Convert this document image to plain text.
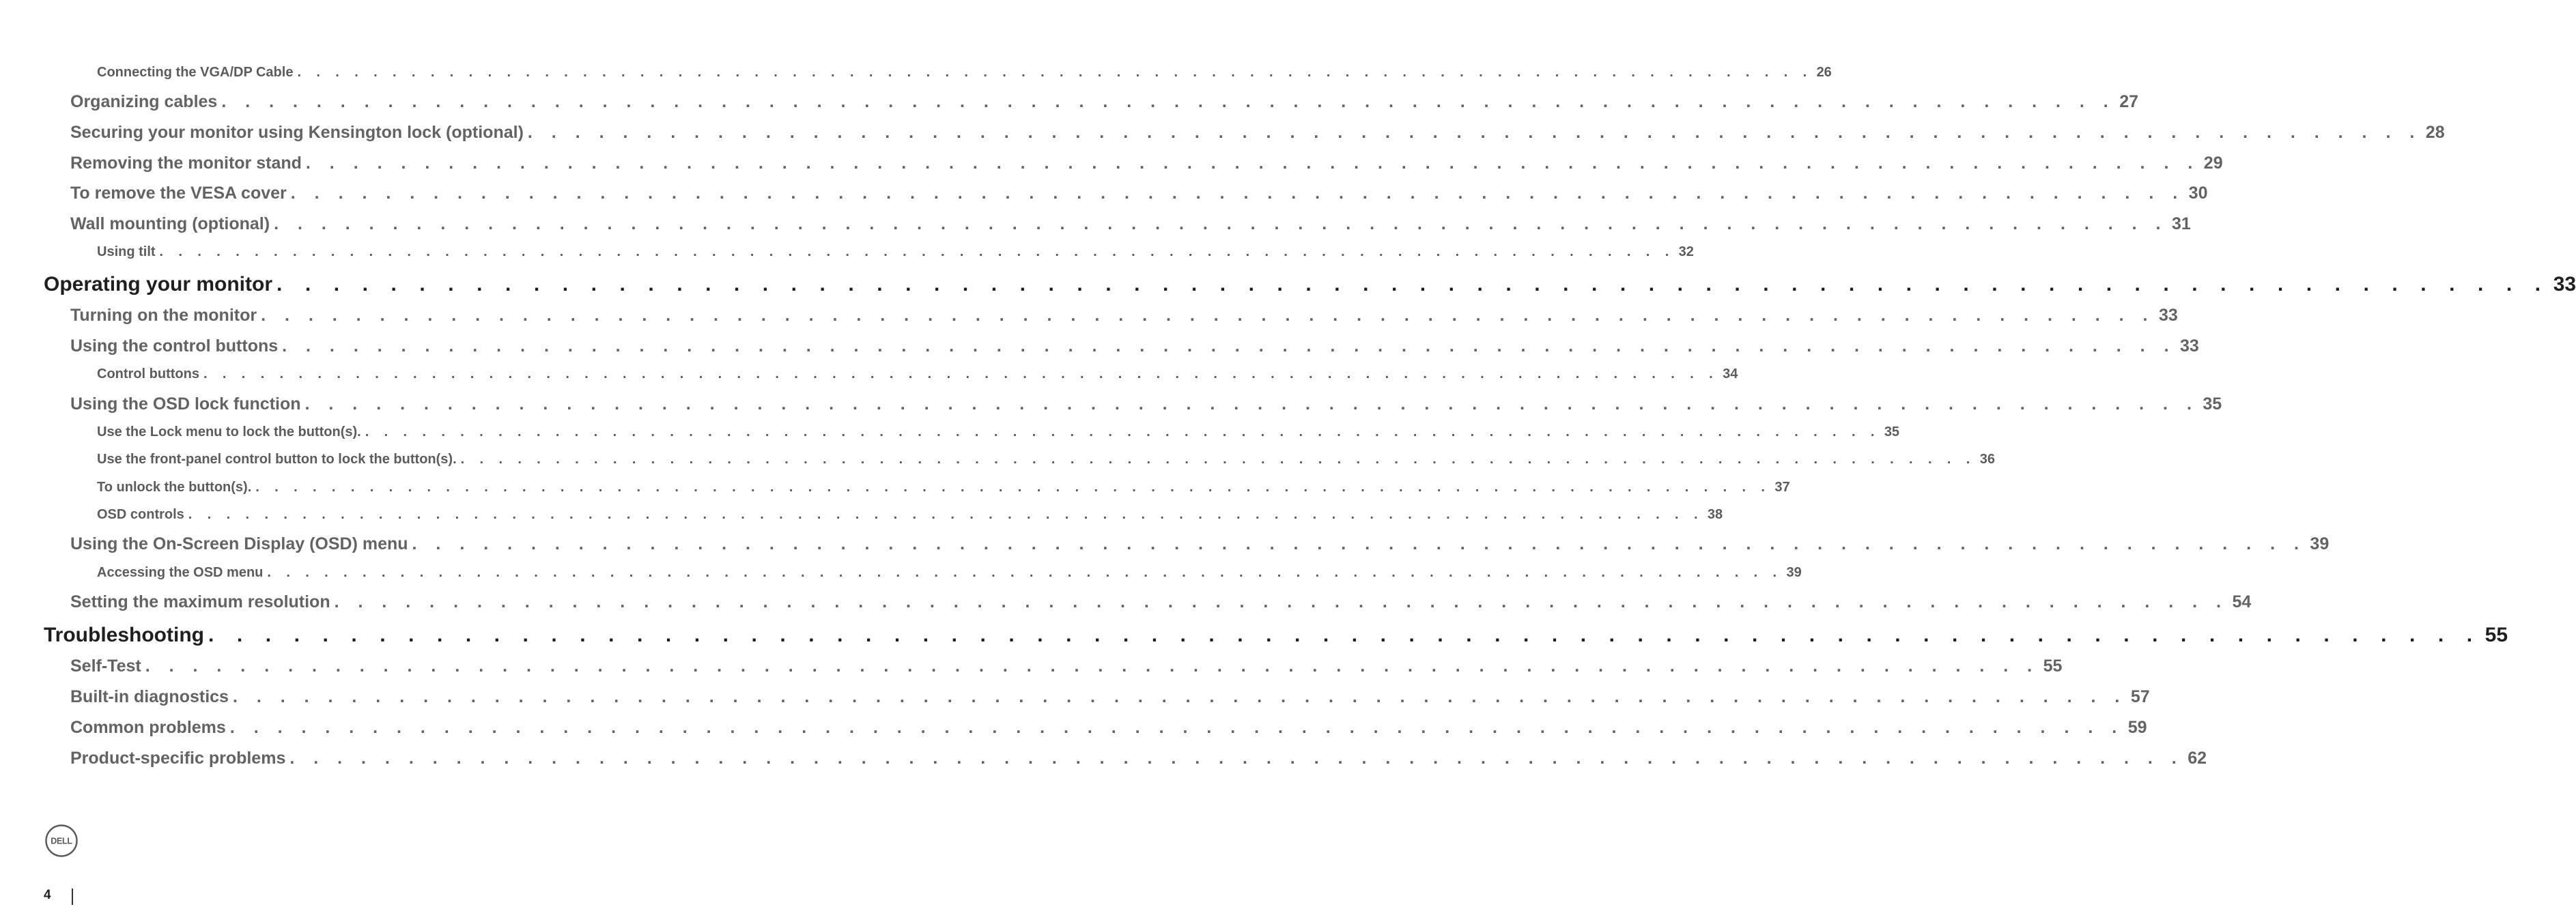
Connecting the VGA/DP Cable . . . . . . . . . . . . . . . . . . . . . . . . . . . . . . . . . . . . . . . . . . . . . . . . . . . . . . . . . . . . . . . . . . . . . . . . . . . . . . . . 26
Organizing cables . . . . . . . . . . . . . . . . . . . . . . . . . . . . . . . . . . . . . . . . . . . . . . . . . . . . . . . . . . . . . . . . . . . . . . . . . . . . . . . . 27
Securing your monitor using Kensington lock (optional) . . . . . . . . . . . . . . . . . . . . . . . . . . . . . . . . . . . . . . . . . . . . . . . . . . . . . . . . . . . . . . . . . . . . . . . . . . . . . . . . 28
Removing the monitor stand . . . . . . . . . . . . . . . . . . . . . . . . . . . . . . . . . . . . . . . . . . . . . . . . . . . . . . . . . . . . . . . . . . . . . . . . . . . . . . . . 29
To remove the VESA cover . . . . . . . . . . . . . . . . . . . . . . . . . . . . . . . . . . . . . . . . . . . . . . . . . . . . . . . . . . . . . . . . . . . . . . . . . . . . . . . . 30
Wall mounting (optional) . . . . . . . . . . . . . . . . . . . . . . . . . . . . . . . . . . . . . . . . . . . . . . . . . . . . . . . . . . . . . . . . . . . . . . . . . . . . . . . . 31
Using tilt . . . . . . . . . . . . . . . . . . . . . . . . . . . . . . . . . . . . . . . . . . . . . . . . . . . . . . . . . . . . . . . . . . . . . . . . . . . . . . . . 32
Operating your monitor . . . . . . . . . . . . . . . . . . . . . . . . . . . . . . . . . . . . . . . . . . . . . . . . . . . . . . . . . . . . . . . . . . . . . . . . . . . . . . . . 33
Turning on the monitor . . . . . . . . . . . . . . . . . . . . . . . . . . . . . . . . . . . . . . . . . . . . . . . . . . . . . . . . . . . . . . . . . . . . . . . . . . . . . . . . 33
Using the control buttons . . . . . . . . . . . . . . . . . . . . . . . . . . . . . . . . . . . . . . . . . . . . . . . . . . . . . . . . . . . . . . . . . . . . . . . . . . . . . . . . 33
Control buttons . . . . . . . . . . . . . . . . . . . . . . . . . . . . . . . . . . . . . . . . . . . . . . . . . . . . . . . . . . . . . . . . . . . . . . . . . . . . . . . . 34
Using the OSD lock function . . . . . . . . . . . . . . . . . . . . . . . . . . . . . . . . . . . . . . . . . . . . . . . . . . . . . . . . . . . . . . . . . . . . . . . . . . . . . . . . 35
Use the Lock menu to lock the button(s). . . . . . . . . . . . . . . . . . . . . . . . . . . . . . . . . . . . . . . . . . . . . . . . . . . . . . . . . . . . . . . . . . . . . . . . . . . . . . . . . 35
Use the front-panel control button to lock the button(s). . . . . . . . . . . . . . . . . . . . . . . . . . . . . . . . . . . . . . . . . . . . . . . . . . . . . . . . . . . . . . . . . . . . . . . . . . . . . . . . . 36
To unlock the button(s). . . . . . . . . . . . . . . . . . . . . . . . . . . . . . . . . . . . . . . . . . . . . . . . . . . . . . . . . . . . . . . . . . . . . . . . . . . . . . . . . 37
OSD controls . . . . . . . . . . . . . . . . . . . . . . . . . . . . . . . . . . . . . . . . . . . . . . . . . . . . . . . . . . . . . . . . . . . . . . . . . . . . . . . . 38
Using the On-Screen Display (OSD) menu . . . . . . . . . . . . . . . . . . . . . . . . . . . . . . . . . . . . . . . . . . . . . . . . . . . . . . . . . . . . . . . . . . . . . . . . . . . . . . . . 39
Accessing the OSD menu . . . . . . . . . . . . . . . . . . . . . . . . . . . . . . . . . . . . . . . . . . . . . . . . . . . . . . . . . . . . . . . . . . . . . . . . . . . . . . . . 39
Setting the maximum resolution . . . . . . . . . . . . . . . . . . . . . . . . . . . . . . . . . . . . . . . . . . . . . . . . . . . . . . . . . . . . . . . . . . . . . . . . . . . . . . . . 54
Troubleshooting . . . . . . . . . . . . . . . . . . . . . . . . . . . . . . . . . . . . . . . . . . . . . . . . . . . . . . . . . . . . . . . . . . . . . . . . . . . . . . . . 55
Self-Test . . . . . . . . . . . . . . . . . . . . . . . . . . . . . . . . . . . . . . . . . . . . . . . . . . . . . . . . . . . . . . . . . . . . . . . . . . . . . . . . 55
Built-in diagnostics . . . . . . . . . . . . . . . . . . . . . . . . . . . . . . . . . . . . . . . . . . . . . . . . . . . . . . . . . . . . . . . . . . . . . . . . . . . . . . . . 57
Common problems . . . . . . . . . . . . . . . . . . . . . . . . . . . . . . . . . . . . . . . . . . . . . . . . . . . . . . . . . . . . . . . . . . . . . . . . . . . . . . . . 59
Product-specific problems . . . . . . . . . . . . . . . . . . . . . . . . . . . . . . . . . . . . . . . . . . . . . . . . . . . . . . . . . . . . . . . . . . . . . . . . . . . . . . . . 62
DELL
4
